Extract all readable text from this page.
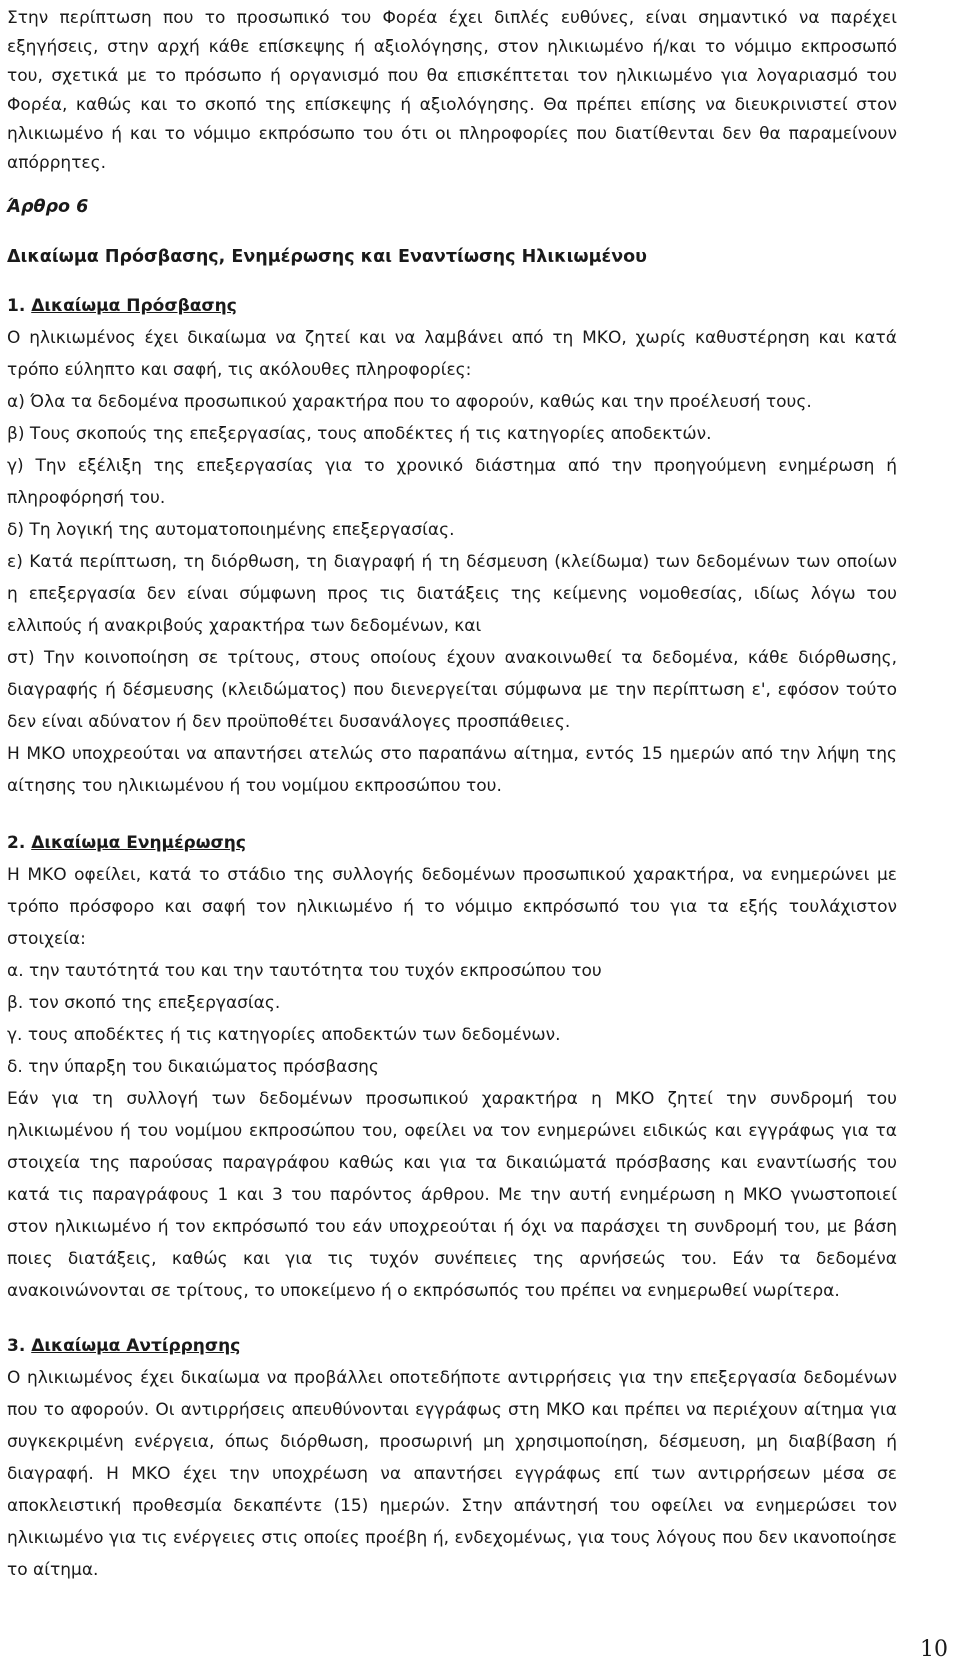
Στην περίπτωση που το προσωπικό του Φορέα έχει διπλές ευθύνες, είναι σημαντικό να παρέχει εξηγήσεις, στην αρχή κάθε επίσκεψης ή αξιολόγησης, στον ηλικιωμένο ή/και το νόμιμο εκπροσωπό του, σχετικά με το πρόσωπο ή οργανισμό που θα επισκέπτεται τον ηλικιωμένο για λογαριασμό του Φορέα, καθώς και το σκοπό της επίσκεψης ή αξιολόγησης. Θα πρέπει επίσης να διευκρινιστεί στον ηλικιωμένο ή και το νόμιμο εκπρόσωπο του ότι οι πληροφορίες που διατίθενται δεν θα παραμείνουν απόρρητες.

Άρθρο 6
Δικαίωμα Πρόσβασης, Ενημέρωσης και Εναντίωσης Ηλικιωμένου
1. Δικαίωμα Πρόσβασης

Ο ηλικιωμένος έχει δικαίωμα να ζητεί και να λαμβάνει από τη ΜΚΟ, χωρίς καθυστέρηση και κατά τρόπο εύληπτο και σαφή, τις ακόλουθες πληροφορίες:

α) Όλα τα δεδομένα προσωπικού χαρακτήρα που το αφορούν, καθώς και την προέλευσή τους.

β) Τους σκοπούς της επεξεργασίας, τους αποδέκτες ή τις κατηγορίες αποδεκτών.

γ) Την εξέλιξη της επεξεργασίας για το χρονικό διάστημα από την προηγούμενη ενημέρωση ή πληροφόρησή του.

δ) Τη λογική της αυτοματοποιημένης επεξεργασίας.

ε) Κατά περίπτωση, τη διόρθωση, τη διαγραφή ή τη δέσμευση (κλείδωμα) των δεδομένων των οποίων η επεξεργασία δεν είναι σύμφωνη προς τις διατάξεις της κείμενης νομοθεσίας, ιδίως λόγω του ελλιπούς ή ανακριβούς χαρακτήρα των δεδομένων, και

στ) Την κοινοποίηση σε τρίτους, στους οποίους έχουν ανακοινωθεί τα δεδομένα, κάθε διόρθωσης, διαγραφής ή δέσμευσης (κλειδώματος) που διενεργείται σύμφωνα με την περίπτωση ε', εφόσον τούτο δεν είναι αδύνατον ή δεν προϋποθέτει δυσανάλογες προσπάθειες.

Η ΜΚΟ υποχρεούται να απαντήσει ατελώς στο παραπάνω αίτημα, εντός 15 ημερών από την λήψη της αίτησης του ηλικιωμένου ή του νομίμου εκπροσώπου του.

2. Δικαίωμα Ενημέρωσης

Η ΜΚΟ οφείλει, κατά το στάδιο της συλλογής δεδομένων προσωπικού χαρακτήρα, να ενημερώνει με τρόπο πρόσφορο και σαφή τον ηλικιωμένο ή το νόμιμο εκπρόσωπό του για τα εξής τουλάχιστον στοιχεία:

α. την ταυτότητά του και την ταυτότητα του τυχόν εκπροσώπου του

β. τον σκοπό της επεξεργασίας.

γ. τους αποδέκτες ή τις κατηγορίες αποδεκτών των δεδομένων.

δ. την ύπαρξη του δικαιώματος πρόσβασης

Εάν για τη συλλογή των δεδομένων προσωπικού χαρακτήρα η ΜΚΟ ζητεί την συνδρομή του ηλικιωμένου ή του νομίμου εκπροσώπου του, οφείλει να τον ενημερώνει ειδικώς και εγγράφως για τα στοιχεία της παρούσας παραγράφου καθώς και για τα δικαιώματά πρόσβασης και εναντίωσής του κατά τις παραγράφους 1 και 3 του παρόντος άρθρου. Με την αυτή ενημέρωση η ΜΚΟ γνωστοποιεί στον ηλικιωμένο ή τον εκπρόσωπό του εάν υποχρεούται ή όχι να παράσχει τη συνδρομή του, με βάση ποιες διατάξεις, καθώς και για τις τυχόν συνέπειες της αρνήσεώς του. Εάν τα δεδομένα ανακοινώνονται σε τρίτους, το υποκείμενο ή ο εκπρόσωπός του πρέπει να ενημερωθεί νωρίτερα.

3. Δικαίωμα Αντίρρησης

Ο ηλικιωμένος έχει δικαίωμα να προβάλλει οποτεδήποτε αντιρρήσεις για την επεξεργασία δεδομένων που το αφορούν. Οι αντιρρήσεις απευθύνονται εγγράφως στη ΜΚΟ και πρέπει να περιέχουν αίτημα για συγκεκριμένη ενέργεια, όπως διόρθωση, προσωρινή μη χρησιμοποίηση, δέσμευση, μη διαβίβαση ή διαγραφή. Η ΜΚΟ έχει την υποχρέωση να απαντήσει εγγράφως επί των αντιρρήσεων μέσα σε αποκλειστική προθεσμία δεκαπέντε (15) ημερών. Στην απάντησή του οφείλει να ενημερώσει τον ηλικιωμένο για τις ενέργειες στις οποίες προέβη ή, ενδεχομένως, για τους λόγους που δεν ικανοποίησε το αίτημα.

10
